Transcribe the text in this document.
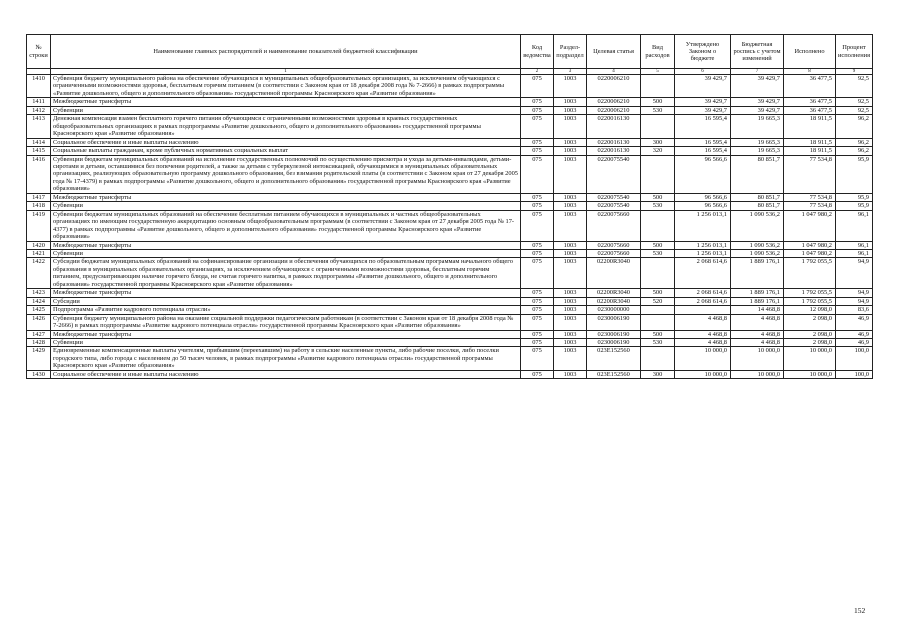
№ строки	Наименование главных распорядителей и наименование показателей бюджетной классификации	Код ведомства	Раздел-подраздел	Целевая статья	Вид расходов	Утверждено Законом о бюджете	Бюджетная роспись с учетом изменений	Исполнено	Процент исполнения
	1	2	3	4	5	6	7	8	9
1410	Субвенция бюджету муниципального района на обеспечение обучающихся в муниципальных общеобразовательных организациях, за исключением обучающихся с ограниченными возможностями здоровья, бесплатным горячим питанием (в соответствии с Законом края от 18 декабря 2008 года № 7-2666) в рамках подпрограммы «Развитие дошкольного, общего и дополнительного образования» государственной программы Красноярского края «Развитие образования»	075	1003	0220006210		39 429,7	39 429,7	36 477,5	92,5
1411	Межбюджетные трансферты	075	1003	0220006210	500	39 429,7	39 429,7	36 477,5	92,5
1412	Субвенции	075	1003	0220006210	530	39 429,7	39 429,7	36 477,5	92,5
1413	Денежная компенсация взамен бесплатного горячего питания обучающимся с ограниченными возможностями здоровья в краевых государственных общеобразовательных организациях в рамках подпрограммы «Развитие дошкольного, общего и дополнительного образования» государственной программы Красноярского края «Развитие образования»	075	1003	0220016130		16 595,4	19 665,3	18 911,5	96,2
1414	Социальное обеспечение и иные выплаты населению	075	1003	0220016130	300	16 595,4	19 665,3	18 911,5	96,2
1415	Социальные выплаты гражданам, кроме публичных нормативных социальных выплат	075	1003	0220016130	320	16 595,4	19 665,3	18 911,5	96,2
1416	Субвенции бюджетам муниципальных образований на исполнение государственных полномочий по осуществлению присмотра и ухода за детьми-инвалидами, детьми-сиротами и детьми, оставшимися без попечения родителей, а также за детьми с туберкулезной интоксикацией, обучающимися в муниципальных образовательных организациях, реализующих образовательную программу дошкольного образования, без взимания родительской платы (в соответствии с Законом края от 27 декабря 2005 года № 17-4379) в рамках подпрограммы «Развитие дошкольного, общего и дополнительного образования» государственной программы Красноярского края «Развитие образования»	075	1003	0220075540		96 566,6	80 851,7	77 534,8	95,9
1417	Межбюджетные трансферты	075	1003	0220075540	500	96 566,6	80 851,7	77 534,8	95,9
1418	Субвенции	075	1003	0220075540	530	96 566,6	80 851,7	77 534,8	95,9
1419	Субвенции бюджетам муниципальных образований на обеспечение бесплатным питанием обучающихся в муниципальных и частных общеобразовательных организациях по имеющим государственную аккредитацию основным общеобразовательным программам (в соответствии с Законом края от 27 декабря 2005 года № 17-4377) в рамках подпрограммы «Развитие дошкольного, общего и дополнительного образования» государственной программы Красноярского края «Развитие образования»	075	1003	0220075660		1 256 013,1	1 090 536,2	1 047 980,2	96,1
1420	Межбюджетные трансферты	075	1003	0220075660	500	1 256 013,1	1 090 536,2	1 047 980,2	96,1
1421	Субвенции	075	1003	0220075660	530	1 256 013,1	1 090 536,2	1 047 980,2	96,1
1422	Субсидии бюджетам муниципальных образований на софинансирование организации и обеспечения обучающихся по образовательным программам начального общего образования в муниципальных образовательных организациях, за исключением обучающихся с ограниченными возможностями здоровья, бесплатным горячим питанием, предусматривающим наличие горячего блюда, не считая горячего напитка, в рамках подпрограммы «Развитие дошкольного, общего и дополнительного образования» государственной программы Красноярского края «Развитие образования»	075	1003	02200R3040		2 068 614,6	1 889 176,1	1 792 055,5	94,9
1423	Межбюджетные трансферты	075	1003	02200R3040	500	2 068 614,6	1 889 176,1	1 792 055,5	94,9
1424	Субсидии	075	1003	02200R3040	520	2 068 614,6	1 889 176,1	1 792 055,5	94,9
1425	Подпрограмма «Развитие кадрового потенциала отрасли»	075	1003	0230000000			14 468,8	12 098,0	83,6
1426	Субвенция бюджету муниципального района на оказание социальной поддержки педагогическим работникам (в соответствии с Законом края от 18 декабря 2008 года № 7-2666) в рамках подпрограммы «Развитие кадрового потенциала отрасли» государственной программы Красноярского края «Развитие образования»	075	1003	0230006190		4 468,8	4 468,8	2 098,0	46,9
1427	Межбюджетные трансферты	075	1003	0230006190	500	4 468,8	4 468,8	2 098,0	46,9
1428	Субвенции	075	1003	0230006190	530	4 468,8	4 468,8	2 098,0	46,9
1429	Единовременные компенсационные выплаты учителям, прибывшим (переехавшим) на работу в сельские населенные пункты, либо рабочие поселки, либо поселки городского типа, либо города с населением до 50 тысяч человек, в рамках подпрограммы «Развитие кадрового потенциала отрасли» государственной программы Красноярского края «Развитие образования»	075	1003	023Е152560		10 000,0	10 000,0	10 000,0	100,0
1430	Социальное обеспечение и иные выплаты населению	075	1003	023Е152560	300	10 000,0	10 000,0	10 000,0	100,0
152
